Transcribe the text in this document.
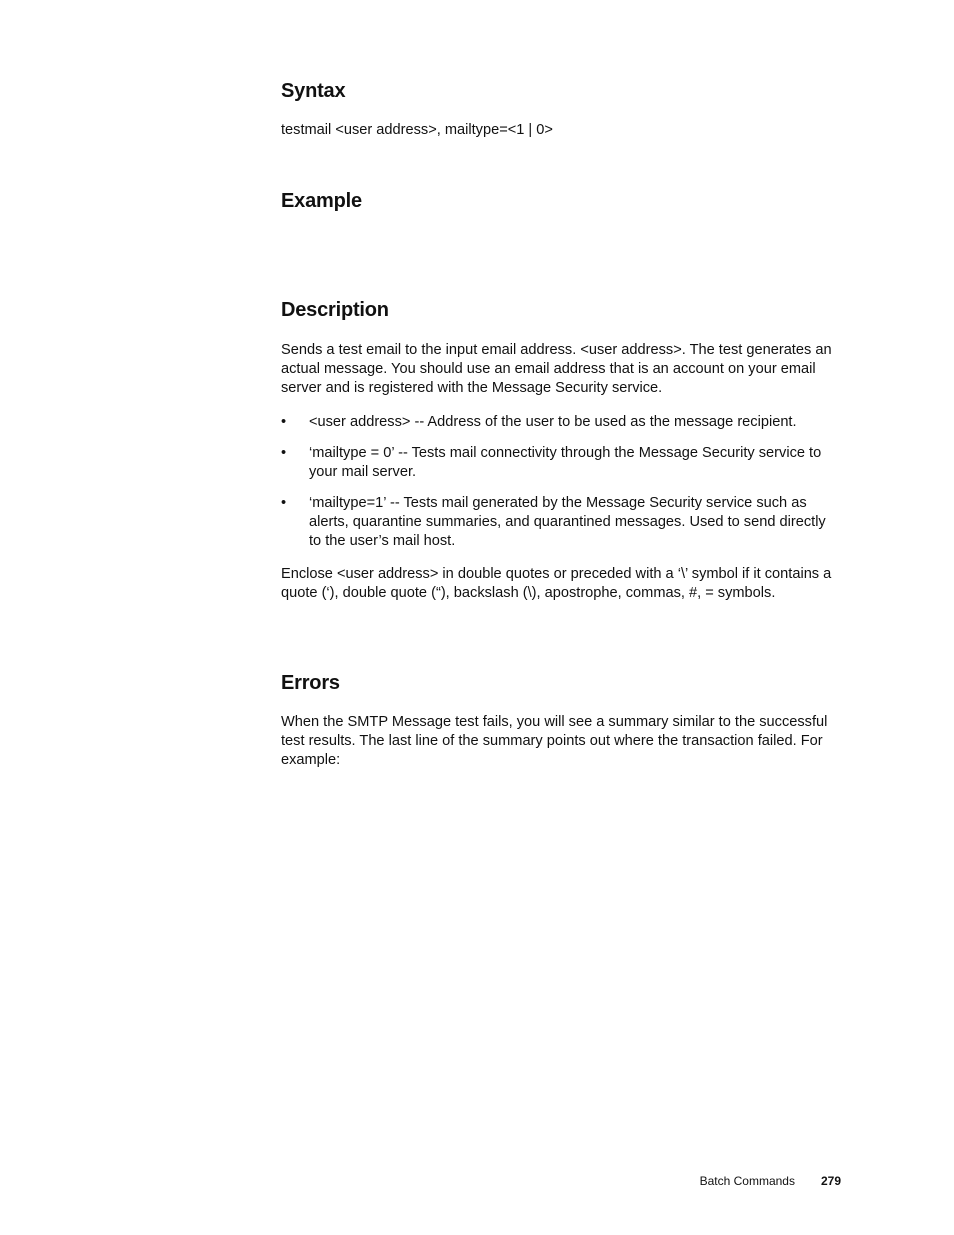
Syntax

testmail <user address>, mailtype=<1 | 0>

Example
Description

Sends a test email to the input email address. <user address>. The test generates an actual message. You should use an email address that is an account on your email server and is registered with the Message Security service.

• <user address> -- Address of the user to be used as the message recipient.
• ‘mailtype = 0’ -- Tests mail connectivity through the Message Security service to your mail server.
• ‘mailtype=1’ -- Tests mail generated by the Message Security service such as alerts, quarantine summaries, and quarantined messages. Used to send directly to the user’s mail host.

Enclose <user address> in double quotes or preceded with a ‘\’ symbol if it contains a quote (‘), double quote (“), backslash (\), apostrophe, commas, #, = symbols.

Errors

When the SMTP Message test fails, you will see a summary similar to the successful test results. The last line of the summary points out where the transaction failed. For example:

Batch Commands 279
